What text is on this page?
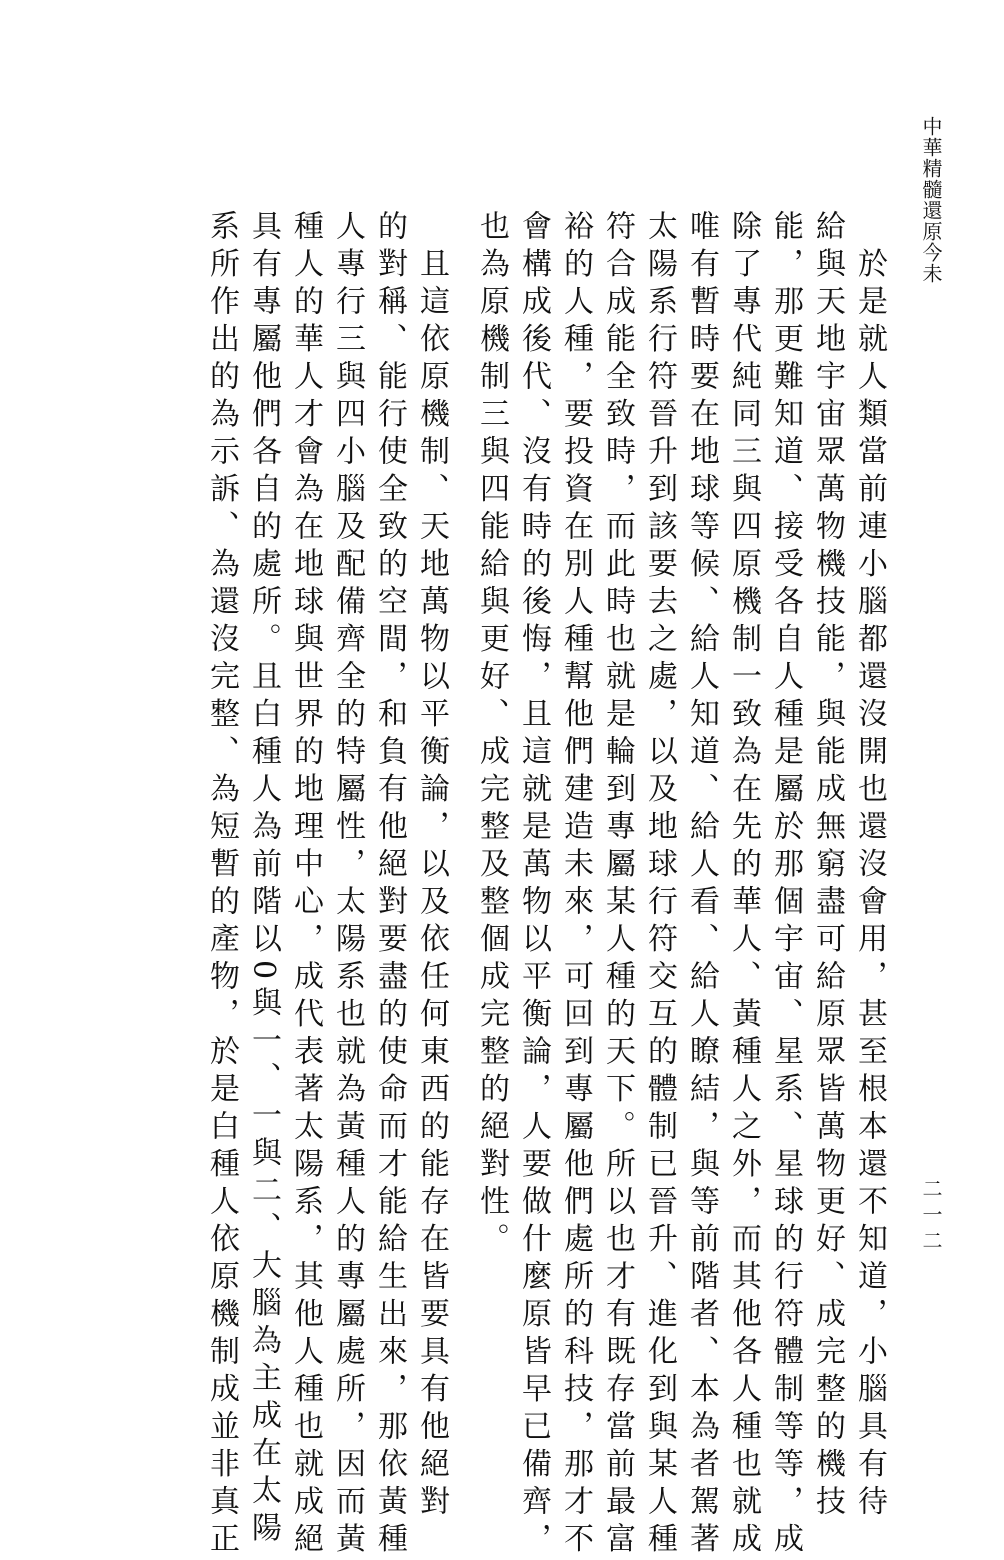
中華精髓還原今未
　於是就人類當前連小腦都還沒開也還沒會用，甚至根本還不知道，小腦具有待
給與天地宇宙眾萬物機技能，與能成無窮盡可給原眾皆萬物更好、成完整的機技
能，那更難知道、接受各自人種是屬於那個宇宙、星系、星球的行符體制等等，成
除了專代純同三與四原機制一致為在先的華人、黃種人之外，而其他各人種也就成
唯有暫時要在地球等候、給人知道、給人看、給人瞭結，與等前階者、本為者駕著
太陽系行符晉升到該要去之處，以及地球行符交互的體制已晉升、進化到與某人種
符合成能全致時，而此時也就是輪到專屬某人種的天下。所以也才有既存當前最富
裕的人種，要投資在別人種幫他們建造未來，可回到專屬他們處所的科技，那才不
會構成後代、沒有時的後悔，且這就是萬物以平衡論，人要做什麼原皆早已備齊，
也為原機制三與四能給與更好、成完整及整個成完整的絕對性。
　且這依原機制、天地萬物以平衡論，以及依任何東西的能存在皆要具有他絕對
的對稱、能行使全致的空間，和負有他絕對要盡的使命而才能給生出來，那依黃種
人專行三與四小腦及配備齊全的特屬性，太陽系也就為黃種人的專屬處所，因而黃
種人的華人才會為在地球與世界的地理中心，成代表著太陽系，其他人種也就成絕
具有專屬他們各自的處所。且白種人為前階以0與一、一與二、大腦為主成在太陽
系所作出的為示訴、為還沒完整、為短暫的產物，於是白種人依原機制成並非真正	二一二
